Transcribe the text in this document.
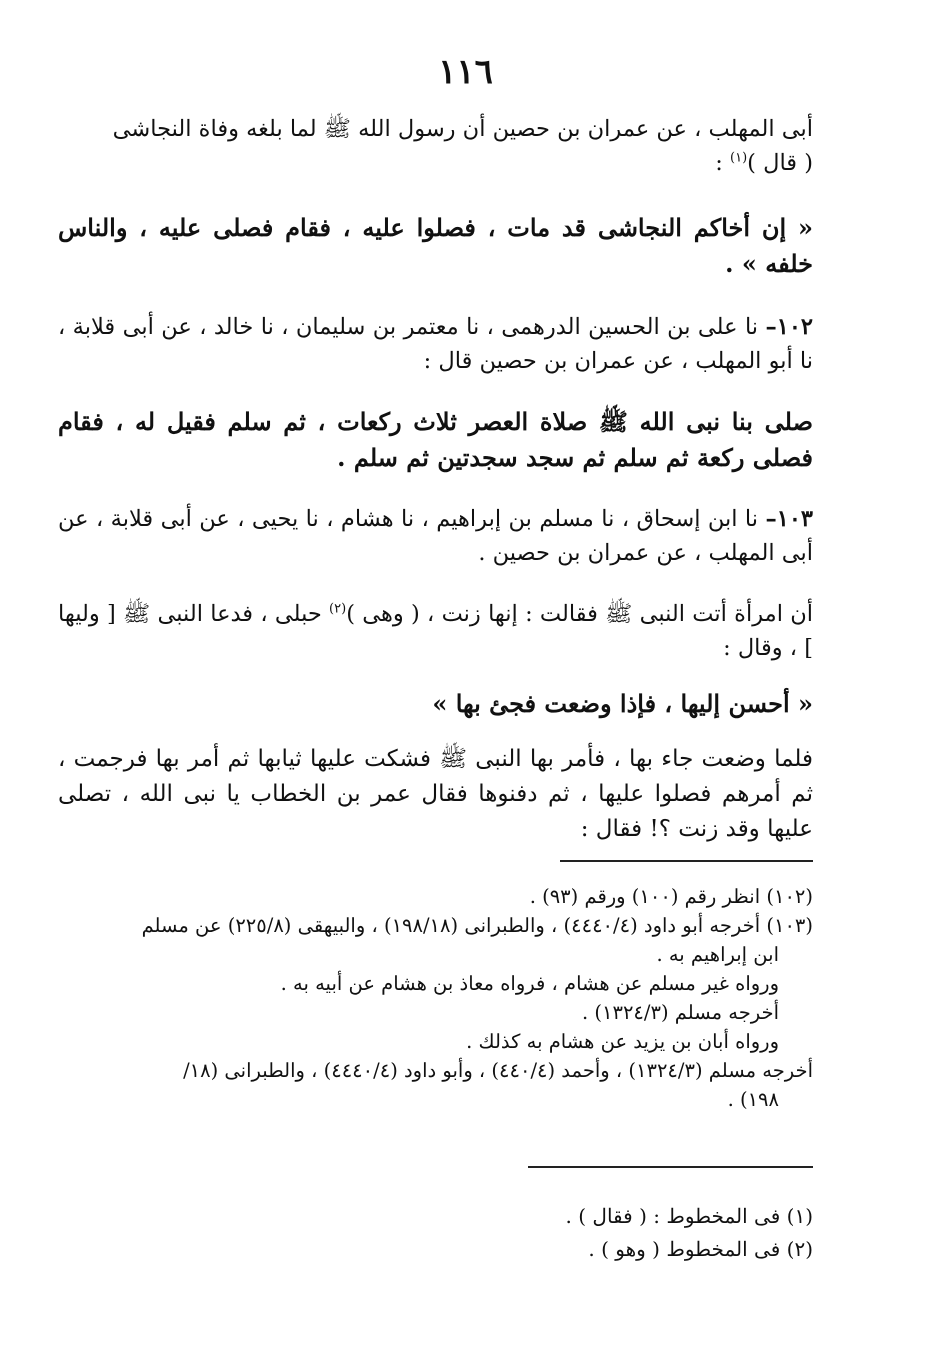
١١٦
أبى المهلب ، عن عمران بن حصين أن رسول الله ﷺ لما بلغه وفاة النجاشى
( قال )$^{(١)}$ :
« إن أخاكم النجاشى قد مات ، فصلوا عليه ، فقام فصلى عليه ، والناس خلفه » .
١٠٢– نا على بن الحسين الدرهمى ، نا معتمر بن سليمان ، نا خالد ، عن أبى قلابة ، نا أبو المهلب ، عن عمران بن حصين قال :
صلى بنا نبى الله ﷺ صلاة العصر ثلاث ركعات ، ثم سلم فقيل له ، فقام فصلى ركعة ثم سلم ثم سجد سجدتين ثم سلم .
١٠٣– نا ابن إسحاق ، نا مسلم بن إبراهيم ، نا هشام ، نا يحيى ، عن أبى قلابة ، عن أبى المهلب ، عن عمران بن حصين .
أن امرأة أتت النبى ﷺ فقالت : إنها زنت ، ( وهى )$^{(٢)}$ حبلى ، فدعا النبى ﷺ [ وليها ] ، وقال :
« أحسن إليها ، فإذا وضعت فجئ بها »
فلما وضعت جاء بها ، فأمر بها النبى ﷺ فشكت عليها ثيابها ثم أمر بها فرجمت ، ثم أمرهم فصلوا عليها ، ثم دفنوها فقال عمر بن الخطاب يا نبى الله ، تصلى عليها وقد زنت ؟! فقال :
(١٠٢) انظر رقم (١٠٠) ورقم (٩٣) .
(١٠٣) أخرجه أبو داود (٤٤٤٠/٤) ، والطبرانى (١٩٨/١٨) ، والبيهقى (٢٢٥/٨) عن مسلم
ابن إبراهيم به .
ورواه غير مسلم عن هشام ، فرواه معاذ بن هشام عن أبيه به .
أخرجه مسلم (١٣٢٤/٣) .
ورواه أبان بن يزيد عن هشام به كذلك .
أخرجه مسلم (١٣٢٤/٣) ، وأحمد (٤٤٠/٤) ، وأبو داود (٤٤٤٠/٤) ، والطبرانى (١٨/
١٩٨) .
(١) فى المخطوط : ( فقال ) .
(٢) فى المخطوط ( وهو ) .
